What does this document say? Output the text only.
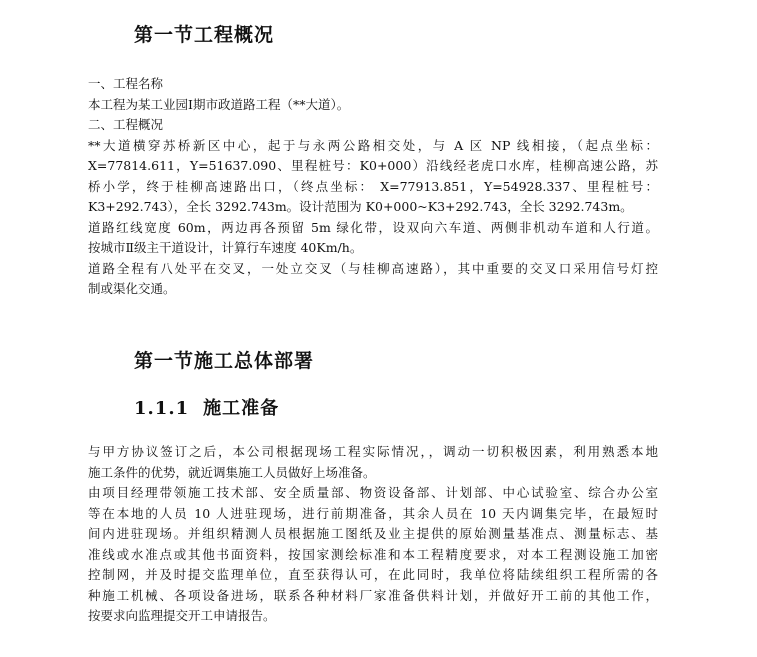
第一节工程概况
一、工程名称
本工程为某工业园Ⅰ期市政道路工程（**大道）。
二、工程概况
**大道横穿苏桥新区中心，起于与永两公路相交处，与 A 区 NP 线相接，（起点坐标：
X=77814.611，Y=51637.090、里程桩号：K0+000）沿线经老虎口水库，桂柳高速公路，苏
桥小学，终于桂柳高速路出口，（终点坐标： X=77913.851，Y=54928.337、里程桩号：
K3+292.743），全长 3292.743m。设计范围为 K0+000~K3+292.743，全长 3292.743m。
道路红线宽度 60m，两边再各预留 5m 绿化带，设双向六车道、两侧非机动车道和人行道。
按城市Ⅱ级主干道设计，计算行车速度 40Km/h。
道路全程有八处平在交叉，一处立交叉（与桂柳高速路），其中重要的交叉口采用信号灯控
制或渠化交通。
第一节施工总体部署
1.1.1 施工准备
与甲方协议签订之后，本公司根据现场工程实际情况，，调动一切积极因素，利用熟悉本地
施工条件的优势，就近调集施工人员做好上场准备。
由项目经理带领施工技术部、安全质量部、物资设备部、计划部、中心试验室、综合办公室
等在本地的人员 10 人进驻现场，进行前期准备，其余人员在 10 天内调集完毕，在最短时
间内进驻现场。并组织精测人员根据施工图纸及业主提供的原始测量基准点、测量标志、基
准线或水准点或其他书面资料，按国家测绘标准和本工程精度要求，对本工程测设施工加密
控制网，并及时提交监理单位，直至获得认可，在此同时，我单位将陆续组织工程所需的各
种施工机械、各项设备进场，联系各种材料厂家准备供料计划，并做好开工前的其他工作，
按要求向监理提交开工申请报告。
